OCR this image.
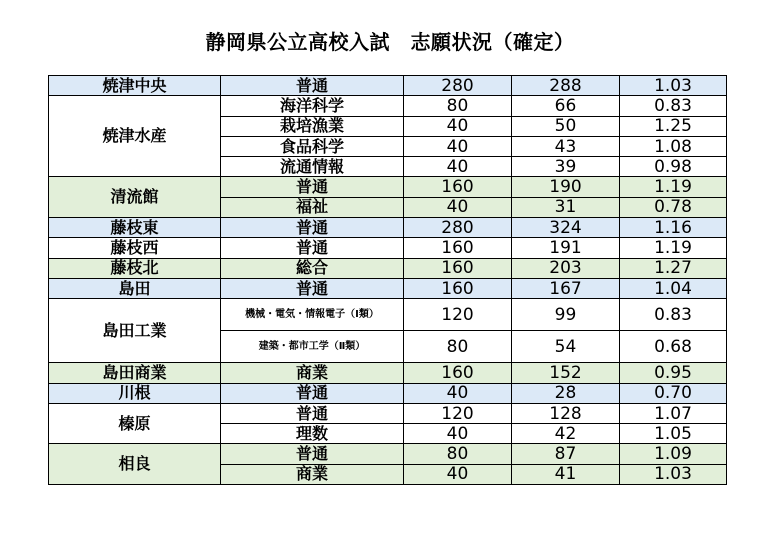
静岡県公立高校入試　志願状況（確定）
焼津中央	普通	280	288	1.03
焼津水産	海洋科学	80	66	0.83
	栽培漁業	40	50	1.25
	食品科学	40	43	1.08
	流通情報	40	39	0.98
清流館	普通	160	190	1.19
	福祉	40	31	0.78
藤枝東	普通	280	324	1.16
藤枝西	普通	160	191	1.19
藤枝北	総合	160	203	1.27
島田	普通	160	167	1.04
島田工業	機械・電気・情報電子（Ⅰ類）	120	99	0.83
	建築・都市工学（Ⅱ類）	80	54	0.68
島田商業	商業	160	152	0.95
川根	普通	40	28	0.70
榛原	普通	120	128	1.07
	理数	40	42	1.05
相良	普通	80	87	1.09
	商業	40	41	1.03
